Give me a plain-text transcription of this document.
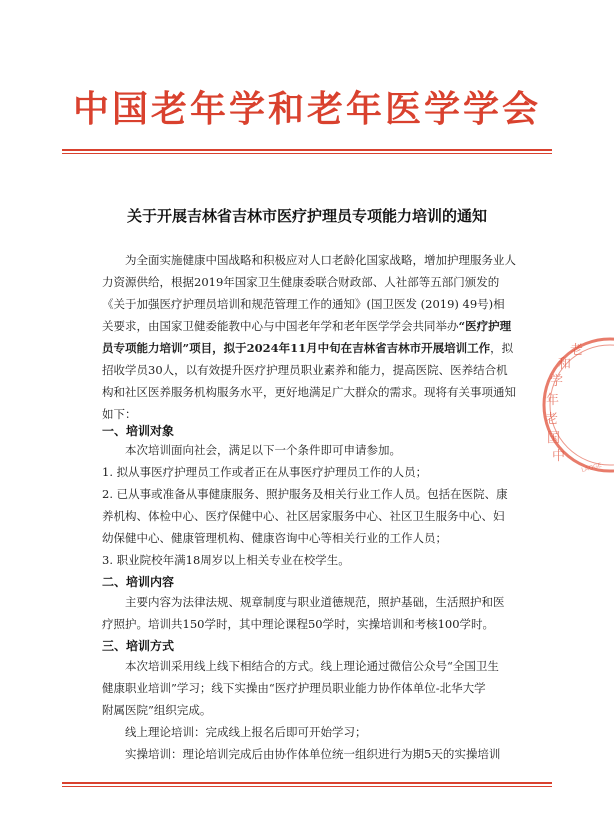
中国老年学和老年医学学会
关于开展吉林省吉林市医疗护理员专项能力培训的通知
为全面实施健康中国战略和积极应对人口老龄化国家战略，增加护理服务业人力资源供给，根据2019年国家卫生健康委联合财政部、人社部等五部门颁发的《关于加强医疗护理员培训和规范管理工作的通知》(国卫医发 (2019) 49号)相关要求，由国家卫健委能教中心与中国老年学和老年医学学会共同举办“医疗护理员专项能力培训”项目，拟于2024年11月中旬在吉林省吉林市开展培训工作，拟招收学员30人，以有效提升医疗护理员职业素养和能力，提高医院、医养结合机构和社区医养服务机构服务水平，更好地满足广大群众的需求。现将有关事项通知如下：
一、培训对象
本次培训面向社会，满足以下一个条件即可申请参加。
1. 拟从事医疗护理员工作或者正在从事医疗护理员工作的人员；
2. 已从事或准备从事健康服务、照护服务及相关行业工作人员。包括在医院、康
养机构、体检中心、医疗保健中心、社区居家服务中心、社区卫生服务中心、妇
幼保健中心、健康管理机构、健康咨询中心等相关行业的工作人员；
3. 职业院校年满18周岁以上相关专业在校学生。
二、培训内容
主要内容为法律法规、规章制度与职业道德规范，照护基础，生活照护和医
疗照护。培训共150学时，其中理论课程50学时，实操培训和考核100学时。
三、培训方式
本次培训采用线上线下相结合的方式。线上理论通过微信公众号“全国卫生
健康职业培训”学习；线下实操由“医疗护理员职业能力协作体单位-北华大学
附属医院”组织完成。
线上理论培训：完成线上报名后即可开始学习；
实操培训：理论培训完成后由协作体单位统一组织进行为期5天的实操培训
中 国 老 年 学 和 老
LAOGE
